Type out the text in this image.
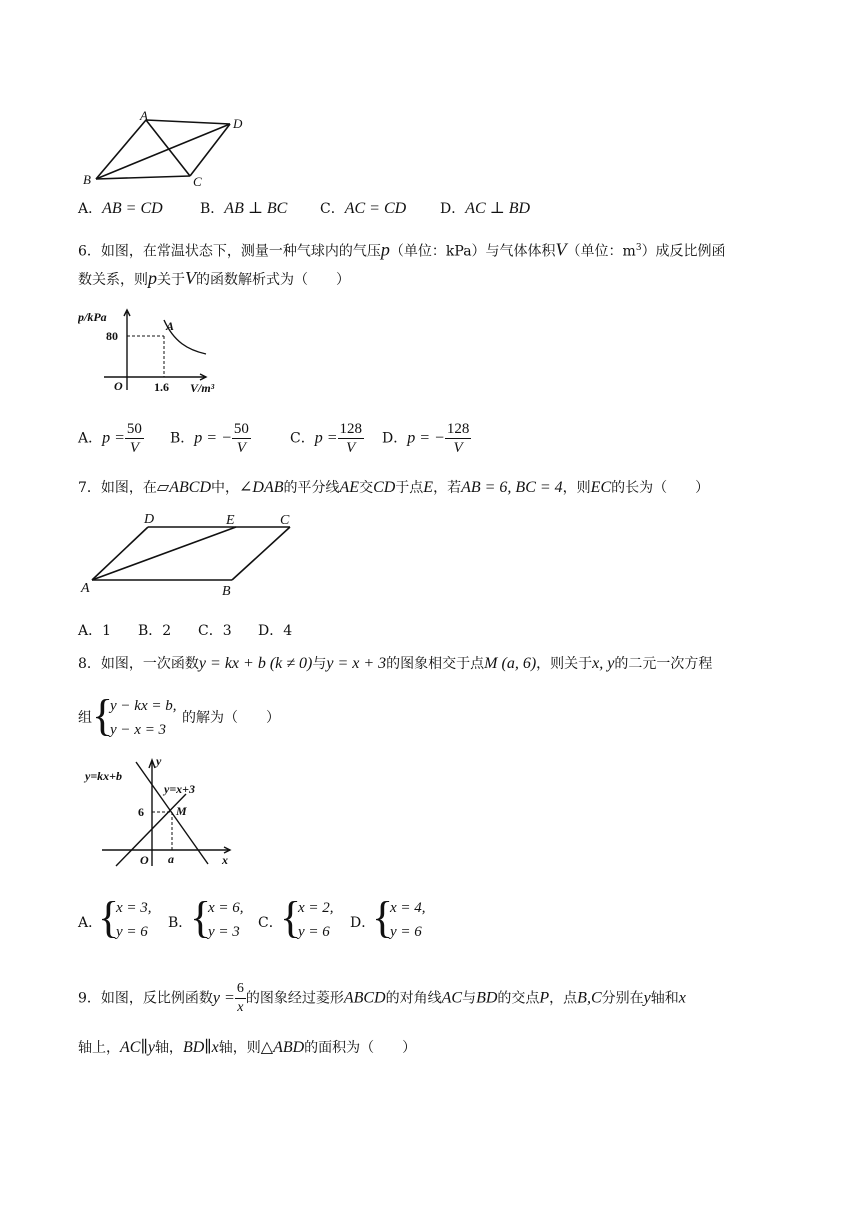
A
D
B	C
A．AB = CD	B．AB ⊥ BC C．AC = CD D．AC ⊥ BD
6．如图，在常温状态下，测量一种气球内的气压p（单位：kPa）与气体体积V（单位：$m^3$）成反比例函
数关系，则p关于V的函数解析式为（　　）
p/kPa
80
A
O	1.6 V/m³
A．$p = \frac{50}{V}$ B．p = − $\frac{50}{V}$	C．$p = \frac{128}{V}$ D．p = − $\frac{128}{V}$
7．如图，在▱ABCD中，∠DAB的平分线AE交CD于点E，若AB = 6, BC = 4，则EC的长为（　　）
D	E	C
A	B
A．1 B．2 C．3 D．4
8．如图，一次函数y = kx + b (k ≠ 0)与y = x + 3的图象相交于点M (a, 6)，则关于x, y的二元一次方程
组 {
y − kx = b,
y − x = 3
的解为（　　）
y
x
O
6
a
M
y=kx+b
y=x+3
A．
{
x = 3,
y = 6
B．
{
x = 6,
y = 3
C．
{
x = 2,
y = 6
D．
{
x = 4,
y = 6
9．如图，反比例函数$y = \frac{6}{x}$ 的图象经过菱形ABCD的对角线AC与BD的交点P，点B,C分别在y轴和x
轴上，AC∥y轴，BD∥x轴，则△ABD的面积为（　　）
